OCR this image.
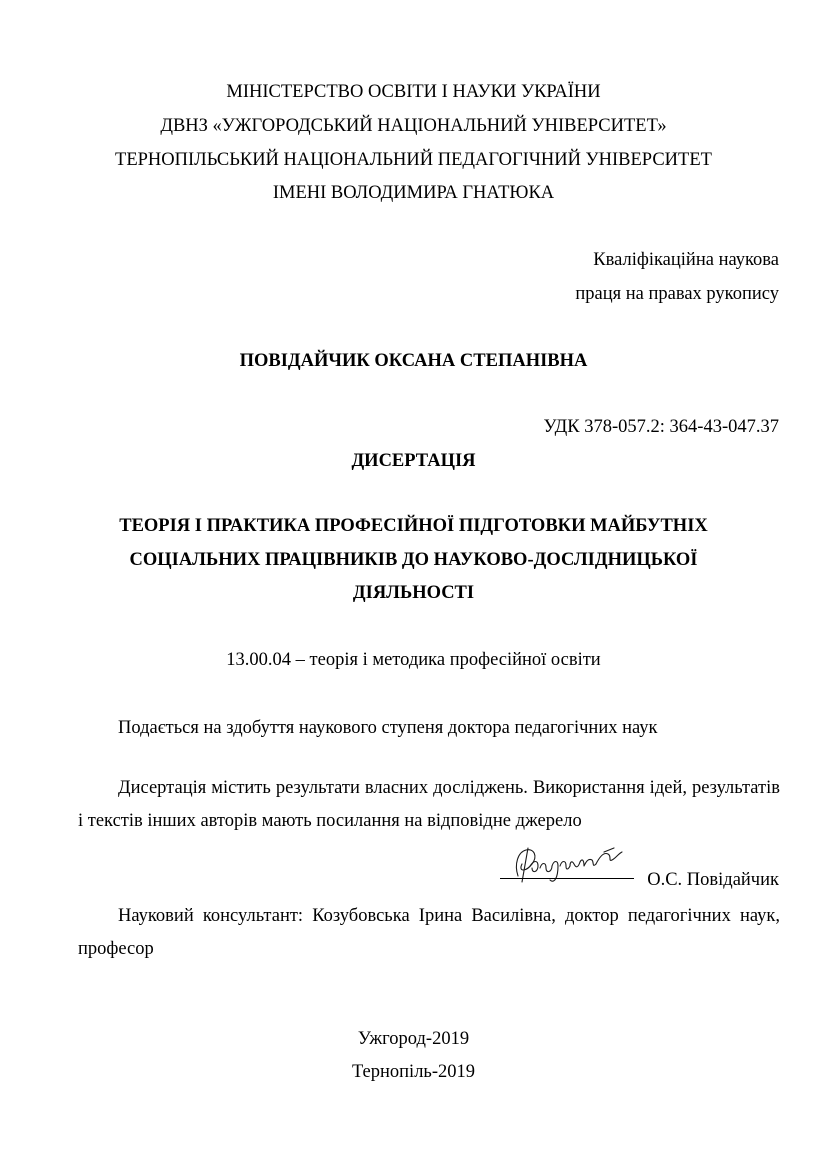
МІНІСТЕРСТВО ОСВІТИ І НАУКИ УКРАЇНИ
ДВНЗ «УЖГОРОДСЬКИЙ НАЦІОНАЛЬНИЙ УНІВЕРСИТЕТ»
ТЕРНОПІЛЬСЬКИЙ НАЦІОНАЛЬНИЙ ПЕДАГОГІЧНИЙ УНІВЕРСИТЕТ
ІМЕНІ ВОЛОДИМИРА ГНАТЮКА
Кваліфікаційна наукова
праця на правах рукопису
ПОВІДАЙЧИК ОКСАНА СТЕПАНІВНА
УДК 378-057.2: 364-43-047.37
ДИСЕРТАЦІЯ
ТЕОРІЯ І ПРАКТИКА ПРОФЕСІЙНОЇ ПІДГОТОВКИ МАЙБУТНІХ
СОЦІАЛЬНИХ ПРАЦІВНИКІВ ДО НАУКОВО-ДОСЛІДНИЦЬКОЇ
ДІЯЛЬНОСТІ
13.00.04 – теорія і методика професійної освіти
Подається на здобуття наукового ступеня доктора педагогічних наук
Дисертація містить результати власних досліджень. Використання ідей, результатів і текстів інших авторів мають посилання на відповідне джерело
О.С. Повідайчик
Науковий консультант: Козубовська Ірина Василівна, доктор педагогічних наук, професор
Ужгород-2019
Тернопіль-2019
